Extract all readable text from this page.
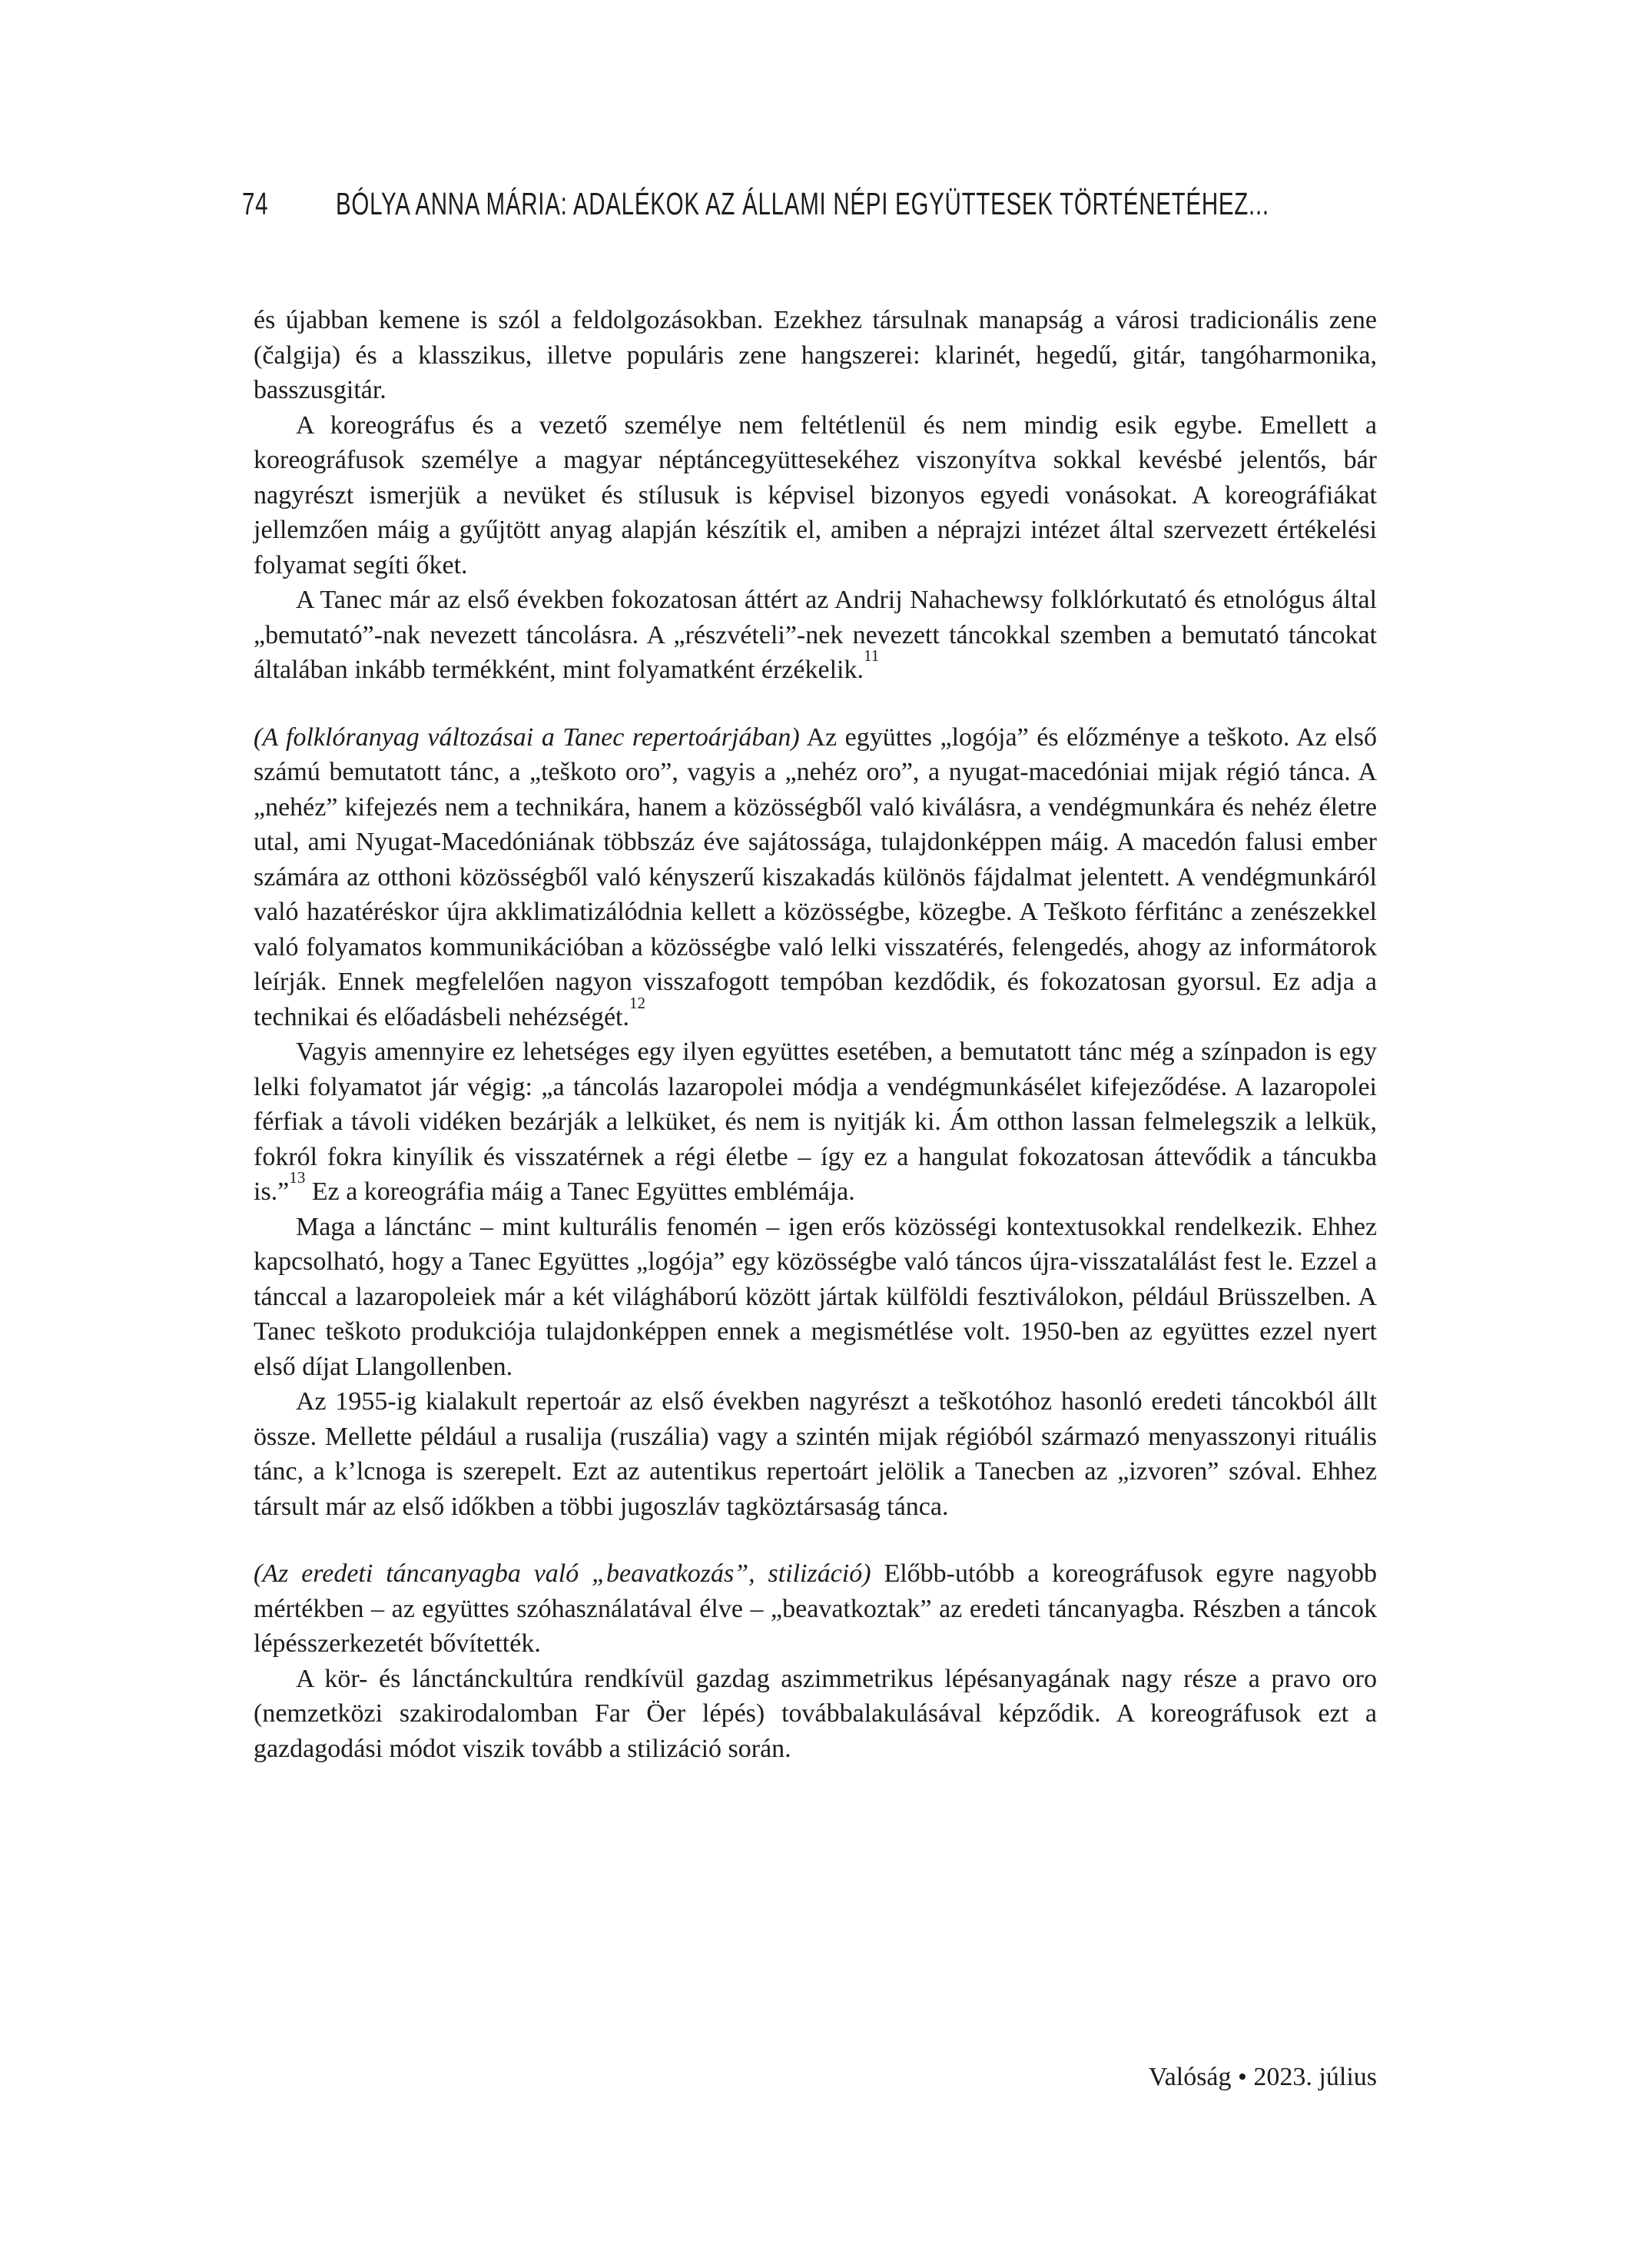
74 BÓLYA ANNA MÁRIA: ADALÉKOK AZ ÁLLAMI NÉPI EGYÜTTESEK TÖRTÉNETÉHEZ...

és újabban kemene is szól a feldolgozásokban. Ezekhez társulnak manapság a városi tradicionális zene (čalgija) és a klasszikus, illetve populáris zene hangszerei: klarinét, hegedű, gitár, tangóharmonika, basszusgitár.

A koreográfus és a vezető személye nem feltétlenül és nem mindig esik egybe. Emellett a koreográfusok személye a magyar néptáncegyüttesekéhez viszonyítva sokkal kevésbé jelentős, bár nagyrészt ismerjük a nevüket és stílusuk is képvisel bizonyos egyedi vonásokat. A koreográfiákat jellemzően máig a gyűjtött anyag alapján készítik el, amiben a néprajzi intézet által szervezett értékelési folyamat segíti őket.

A Tanec már az első években fokozatosan áttért az Andrij Nahachewsy folklórkutató és etnológus által „bemutató”-nak nevezett táncolásra. A „részvételi”-nek nevezett táncokkal szemben a bemutató táncokat általában inkább termékként, mint folyamatként érzékelik.$^{11}$

(A folklóranyag változásai a Tanec repertoárjában) Az együttes „logója” és előzménye a teškoto. Az első számú bemutatott tánc, a „teškoto oro”, vagyis a „nehéz oro”, a nyugat-macedóniai mijak régió tánca. A „nehéz” kifejezés nem a technikára, hanem a közösségből való kiválásra, a vendégmunkára és nehéz életre utal, ami Nyugat-Macedóniának többszáz éve sajátossága, tulajdonképpen máig. A macedón falusi ember számára az otthoni közösségből való kényszerű kiszakadás különös fájdalmat jelentett. A vendégmunkáról való hazatéréskor újra akklimatizálódnia kellett a közösségbe, közegbe. A Teškoto férfitánc a zenészekkel való folyamatos kommunikációban a közösségbe való lelki visszatérés, felengedés, ahogy az informátorok leírják. Ennek megfelelően nagyon visszafogott tempóban kezdődik, és fokozatosan gyorsul. Ez adja a technikai és előadásbeli nehézségét.$^{12}$

Vagyis amennyire ez lehetséges egy ilyen együttes esetében, a bemutatott tánc még a színpadon is egy lelki folyamatot jár végig: „a táncolás lazaropolei módja a vendégmunkásélet kifejeződése. A lazaropolei férfiak a távoli vidéken bezárják a lelküket, és nem is nyitják ki. Ám otthon lassan felmelegszik a lelkük, fokról fokra kinyílik és visszatérnek a régi életbe – így ez a hangulat fokozatosan áttevődik a táncukba is.”$^{13}$ Ez a koreográfia máig a Tanec Együttes emblémája.

Maga a lánctánc – mint kulturális fenomén – igen erős közösségi kontextusokkal rendelkezik. Ehhez kapcsolható, hogy a Tanec Együttes „logója” egy közösségbe való táncos újra-visszatalálást fest le. Ezzel a tánccal a lazaropoleiek már a két világháború között jártak külföldi fesztiválokon, például Brüsszelben. A Tanec teškoto produkciója tulajdonképpen ennek a megismétlése volt. 1950-ben az együttes ezzel nyert első díjat Llangollenben.

Az 1955-ig kialakult repertoár az első években nagyrészt a teškotóhoz hasonló eredeti táncokból állt össze. Mellette például a rusalija (ruszália) vagy a szintén mijak régióból származó menyasszonyi rituális tánc, a k’lcnoga is szerepelt. Ezt az autentikus repertoárt jelölik a Tanecben az „izvoren” szóval. Ehhez társult már az első időkben a többi jugoszláv tagköztársaság tánca.

(Az eredeti táncanyagba való „beavatkozás”, stilizáció) Előbb-utóbb a koreográfusok egyre nagyobb mértékben – az együttes szóhasználatával élve – „beavatkoztak” az eredeti táncanyagba. Részben a táncok lépésszerkezetét bővítették.

A kör- és lánctánckultúra rendkívül gazdag aszimmetrikus lépésanyagának nagy része a pravo oro (nemzetközi szakirodalomban Far Öer lépés) továbbalakulásával képződik. A koreográfusok ezt a gazdagodási módot viszik tovább a stilizáció során.

Valóság • 2023. július
